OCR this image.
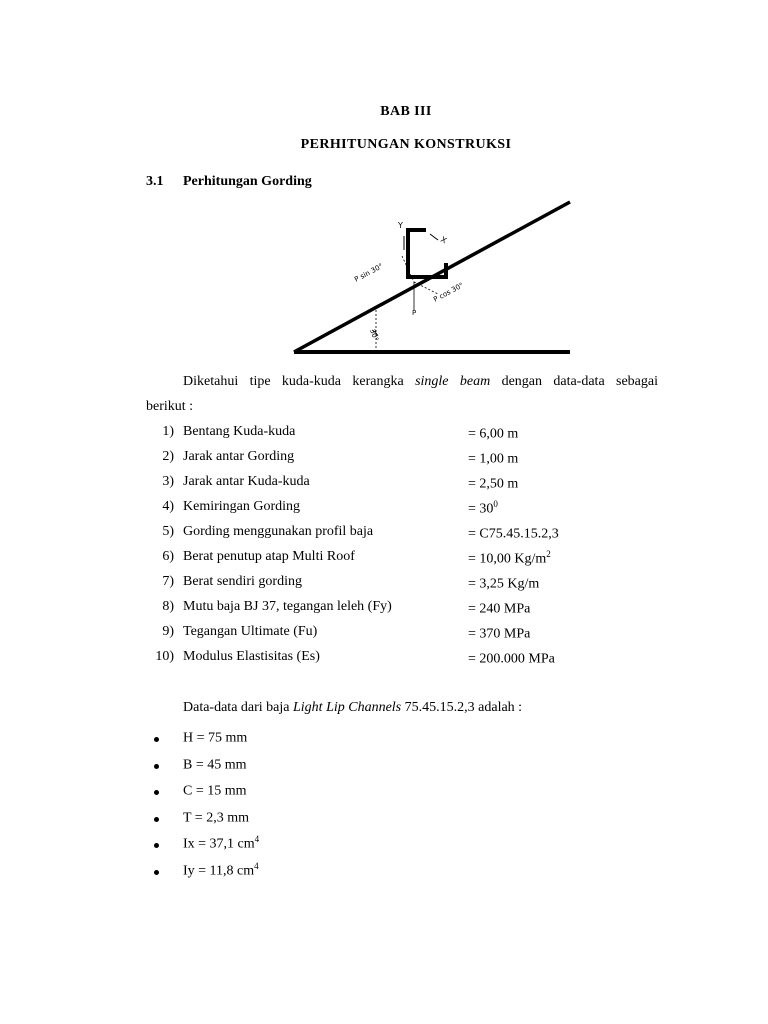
BAB III
PERHITUNGAN KONSTRUKSI
3.1 Perhitungan Gording
Y
X
P sin 30°
P
P cos 30°
30°
Diketahui tipe kuda-kuda kerangka single beam dengan data-data sebagai
berikut :
1) Bentang Kuda-kuda	= 6,00 m
2) Jarak antar Gording	= 1,00 m
3) Jarak antar Kuda-kuda	= 2,50 m
4) Kemiringan Gording	= $30^0$
5) Gording menggunakan profil baja	= C75.45.15.2,3
6) Berat penutup atap Multi Roof	= 10,00 $Kg/m^2$
7) Berat sendiri gording	= 3,25 Kg/m
8) Mutu baja BJ 37, tegangan leleh (Fy)	= 240 MPa
9) Tegangan Ultimate (Fu)	= 370 MPa
10) Modulus Elastisitas (Es)	= 200.000 MPa
Data-data dari baja Light Lip Channels 75.45.15.2,3 adalah :
H = 75 mm
B = 45 mm
C = 15 mm
T = 2,3 mm
Ix = 37,1 $cm^4$
Iy = 11,8 $cm^4$
